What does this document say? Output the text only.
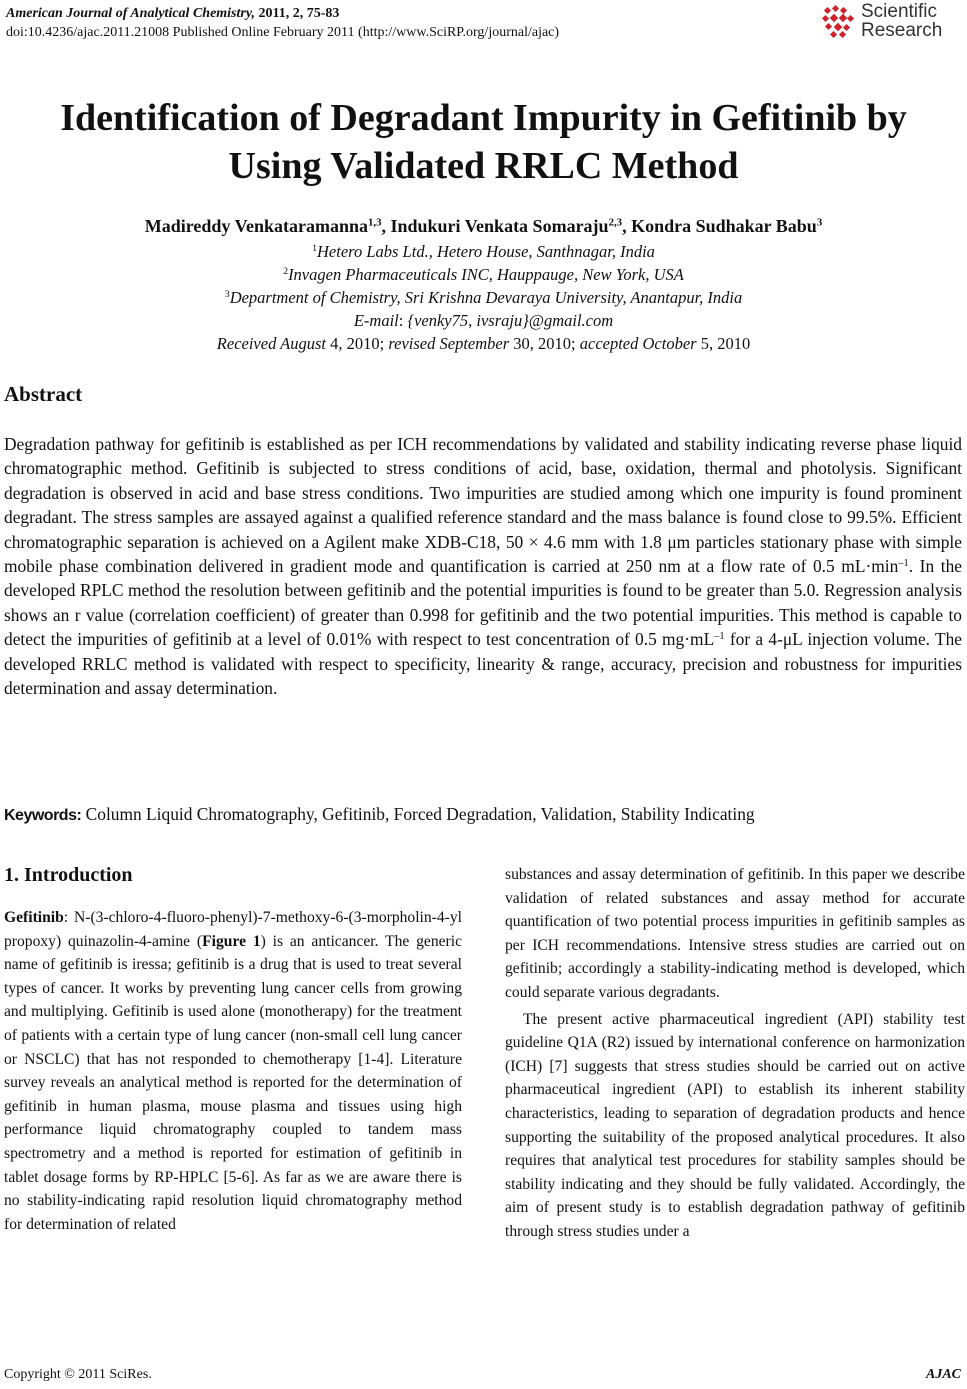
American Journal of Analytical Chemistry, 2011, 2, 75-83
doi:10.4236/ajac.2011.21008 Published Online February 2011 (http://www.SciRP.org/journal/ajac)
Scientific
Research
Identification of Degradant Impurity in Gefitinib by Using Validated RRLC Method
Madireddy Venkataramanna$^{1,3}$, Indukuri Venkata Somaraju$^{2,3}$, Kondra Sudhakar Babu$^3$
$^1$Hetero Labs Ltd., Hetero House, Santhnagar, India
$^2$Invagen Pharmaceuticals INC, Hauppauge, New York, USA
$^3$Department of Chemistry, Sri Krishna Devaraya University, Anantapur, India
E-mail: {venky75, ivsraju}@gmail.com
Received August 4, 2010; revised September 30, 2010; accepted October 5, 2010
Abstract
Degradation pathway for gefitinib is established as per ICH recommendations by validated and stability indicating reverse phase liquid chromatographic method. Gefitinib is subjected to stress conditions of acid, base, oxidation, thermal and photolysis. Significant degradation is observed in acid and base stress conditions. Two impurities are studied among which one impurity is found prominent degradant. The stress samples are assayed against a qualified reference standard and the mass balance is found close to 99.5%. Efficient chromatographic separation is achieved on a Agilent make XDB-C18, 50 × 4.6 mm with 1.8 μm particles stationary phase with simple mobile phase combination delivered in gradient mode and quantification is carried at 250 nm at a flow rate of 0.5 $mL\cdot\min^{-1}$. In the developed RPLC method the resolution between gefitinib and the potential impurities is found to be greater than 5.0. Regression analysis shows an r value (correlation coefficient) of greater than 0.998 for gefitinib and the two potential impurities. This method is capable to detect the impurities of gefitinib at a level of 0.01% with respect to test concentration of 0.5 $mg\cdot mL^{-1}$ for a 4-μL injection volume. The developed RRLC method is validated with respect to specificity, linearity & range, accuracy, precision and robustness for impurities determination and assay determination.
Keywords: Column Liquid Chromatography, Gefitinib, Forced Degradation, Validation, Stability Indicating
1. Introduction

Gefitinib: N-(3-chloro-4-fluoro-phenyl)-7-methoxy-6-(3-morpholin-4-yl propoxy) quinazolin-4-amine (Figure 1) is an anticancer. The generic name of gefitinib is iressa; gefitinib is a drug that is used to treat several types of cancer. It works by preventing lung cancer cells from growing and multiplying. Gefitinib is used alone (monotherapy) for the treatment of patients with a certain type of lung cancer (non-small cell lung cancer or NSCLC) that has not responded to chemotherapy [1-4]. Literature survey reveals an analytical method is reported for the determination of gefitinib in human plasma, mouse plasma and tissues using high performance liquid chromatography coupled to tandem mass spectrometry and a method is reported for estimation of gefitinib in tablet dosage forms by RP-HPLC [5-6]. As far as we are aware there is no stability-indicating rapid resolution liquid chromatography method for determination of related

substances and assay determination of gefitinib. In this paper we describe validation of related substances and assay method for accurate quantification of two potential process impurities in gefitinib samples as per ICH recommendations. Intensive stress studies are carried out on gefitinib; accordingly a stability-indicating method is developed, which could separate various degradants.

The present active pharmaceutical ingredient (API) stability test guideline Q1A (R2) issued by international conference on harmonization (ICH) [7] suggests that stress studies should be carried out on active pharmaceutical ingredient (API) to establish its inherent stability characteristics, leading to separation of degradation products and hence supporting the suitability of the proposed analytical procedures. It also requires that analytical test procedures for stability samples should be stability indicating and they should be fully validated. Accordingly, the aim of present study is to establish degradation pathway of gefitinib through stress studies under a

Copyright © 2011 SciRes.	AJAC
